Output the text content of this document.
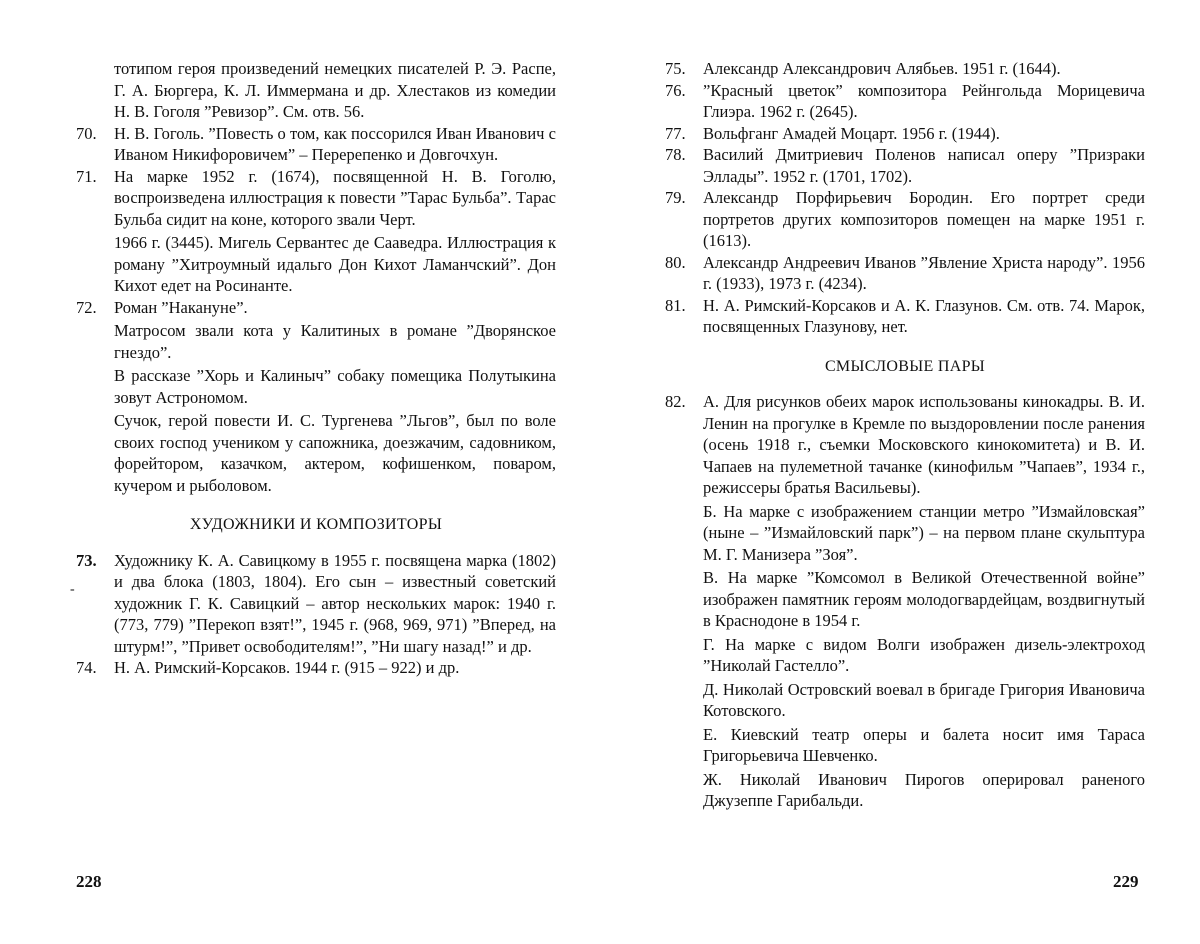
тотипом героя произведений немецких писателей Р. Э. Распе, Г. А. Бюргера, К. Л. Иммермана и др. Хлестаков из комедии Н. В. Гоголя ”Ревизор”. См. отв. 56.

70.	Н. В. Гоголь. ”Повесть о том, как поссорился Иван Иванович с Иваном Никифоровичем” – Перерепенко и Довгочхун.

71.	На марке 1952 г. (1674), посвященной Н. В. Гоголю, воспроизведена иллюстрация к повести ”Тарас Бульба”. Тарас Бульба сидит на коне, которого звали Черт.

1966 г. (3445). Мигель Сервантес де Сааведра. Иллюстрация к роману ”Хитроумный идальго Дон Кихот Ламанчский”. Дон Кихот едет на Росинанте.

72.	Роман ”Накануне”.

Матросом звали кота у Калитиных в романе ”Дворянское гнездо”.

В рассказе ”Хорь и Калиныч” собаку помещика Полутыкина зовут Астрономом.

Сучок, герой повести И. С. Тургенева ”Льгов”, был по воле своих господ учеником у сапожника, доезжачим, садовником, форейтором, казачком, актером, кофишенком, поваром, кучером и рыболовом.

ХУДОЖНИКИ И КОМПОЗИТОРЫ
73.	Художнику К. А. Савицкому в 1955 г. посвящена марка (1802) и два блока (1803, 1804). Его сын – известный советский художник Г. К. Савицкий – автор нескольких марок: 1940 г. (773, 779) ”Перекоп взят!”, 1945 г. (968, 969, 971) ”Вперед, на штурм!”, ”Привет освободителям!”, ”Ни шагу назад!” и др.

74.	Н. А. Римский-Корсаков. 1944 г. (915 – 922) и др.

-
75.	Александр Александрович Алябьев. 1951 г. (1644).

76.	”Красный цветок” композитора Рейнгольда Морицевича Глиэра. 1962 г. (2645).

77.	Вольфганг Амадей Моцарт. 1956 г. (1944).

78.	Василий Дмитриевич Поленов написал оперу ”Призраки Эллады”. 1952 г. (1701, 1702).

79.	Александр Порфирьевич Бородин. Его портрет среди портретов других композиторов помещен на марке 1951 г. (1613).

80.	Александр Андреевич Иванов ”Явление Христа народу”. 1956 г. (1933), 1973 г. (4234).

81.	Н. А. Римский-Корсаков и А. К. Глазунов. См. отв. 74. Марок, посвященных Глазунову, нет.

СМЫСЛОВЫЕ ПАРЫ
82.	А. Для рисунков обеих марок использованы кинокадры. В. И. Ленин на прогулке в Кремле по выздоровлении после ранения (осень 1918 г., съемки Московского кинокомитета) и В. И. Чапаев на пулеметной тачанке (кинофильм ”Чапаев”, 1934 г., режиссеры братья Васильевы).

Б. На марке с изображением станции метро ”Измайловская” (ныне – ”Измайловский парк”) – на первом плане скульптура М. Г. Манизера ”Зоя”.

В. На марке ”Комсомол в Великой Отечественной войне” изображен памятник героям молодогвардейцам, воздвигнутый в Краснодоне в 1954 г.

Г. На марке с видом Волги изображен дизель-электроход ”Николай Гастелло”.

Д. Николай Островский воевал в бригаде Григория Ивановича Котовского.

Е. Киевский театр оперы и балета носит имя Тараса Григорьевича Шевченко.

Ж. Николай Иванович Пирогов оперировал раненого Джузеппе Гарибальди.

228	229
